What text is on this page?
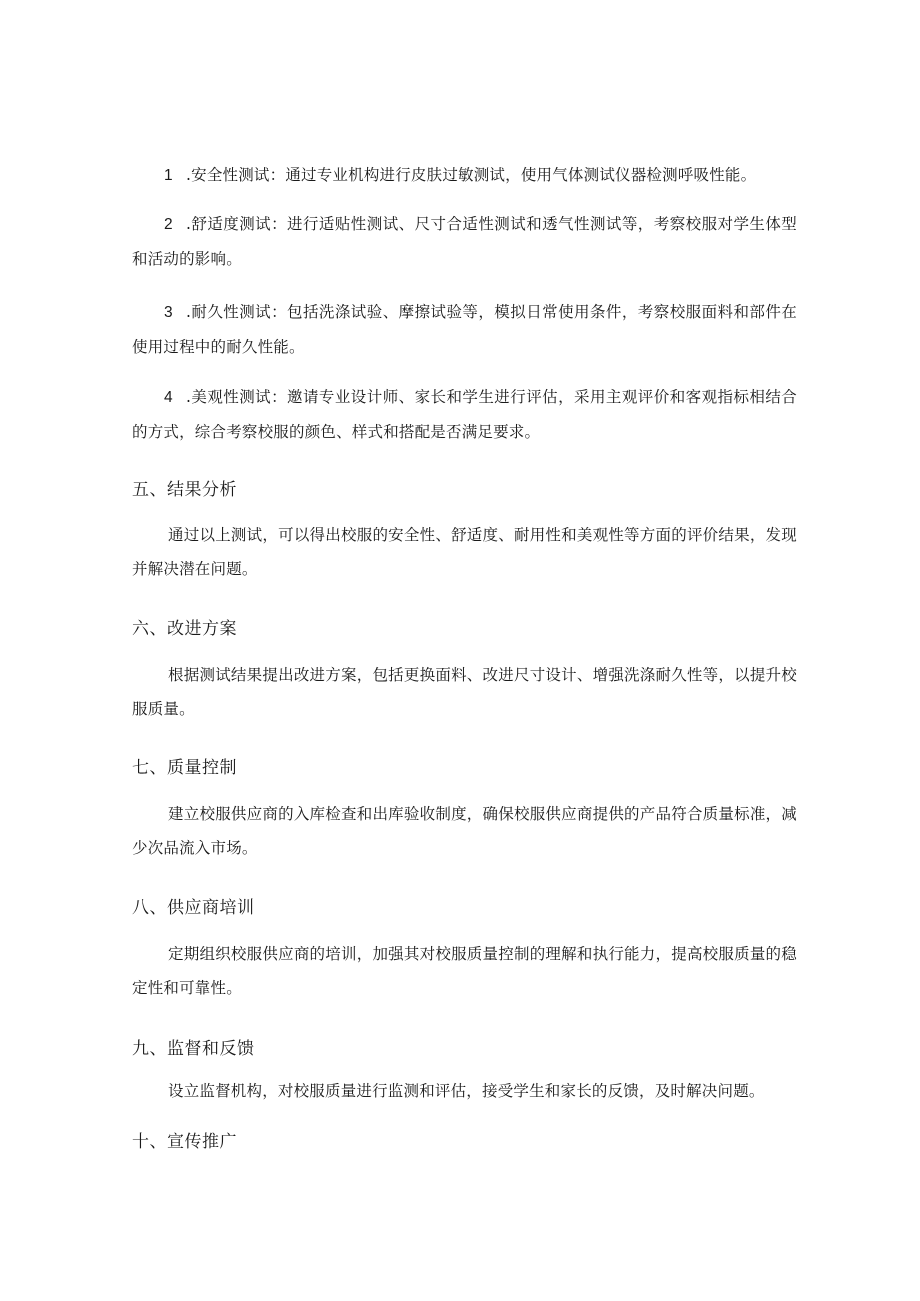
1 .安全性测试：通过专业机构进行皮肤过敏测试，使用气体测试仪器检测呼吸性能。

2 .舒适度测试：进行适贴性测试、尺寸合适性测试和透气性测试等，考察校服对学生体型和活动的影响。

3 .耐久性测试：包括洗涤试验、摩擦试验等，模拟日常使用条件，考察校服面料和部件在使用过程中的耐久性能。

4 .美观性测试：邀请专业设计师、家长和学生进行评估，采用主观评价和客观指标相结合的方式，综合考察校服的颜色、样式和搭配是否满足要求。

五、结果分析

通过以上测试，可以得出校服的安全性、舒适度、耐用性和美观性等方面的评价结果，发现并解决潜在问题。

六、改进方案

根据测试结果提出改进方案，包括更换面料、改进尺寸设计、增强洗涤耐久性等，以提升校服质量。

七、质量控制

建立校服供应商的入库检查和出库验收制度，确保校服供应商提供的产品符合质量标准，减少次品流入市场。

八、供应商培训

定期组织校服供应商的培训，加强其对校服质量控制的理解和执行能力，提高校服质量的稳定性和可靠性。

九、监督和反馈

设立监督机构，对校服质量进行监测和评估，接受学生和家长的反馈，及时解决问题。

十、宣传推广
